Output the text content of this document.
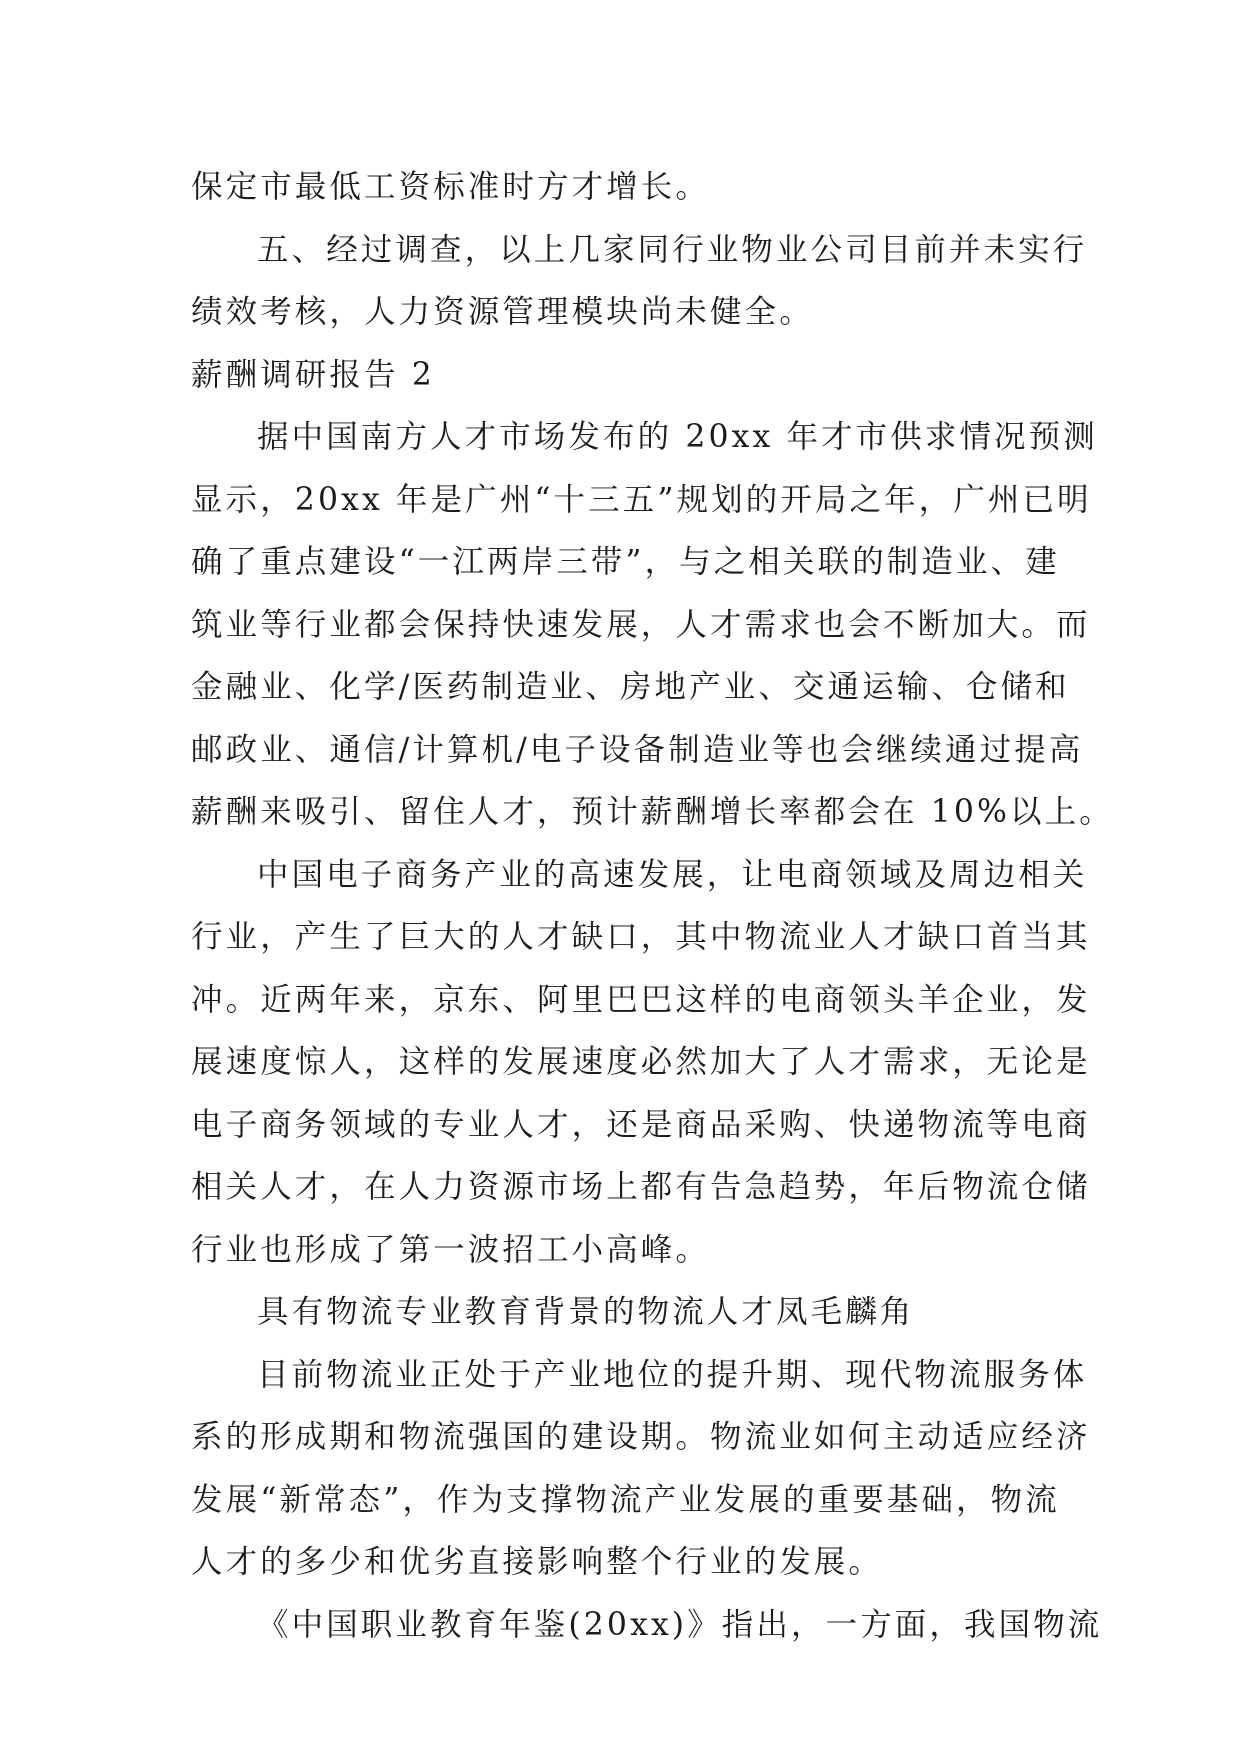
保定市最低工资标准时方才增长。
五、经过调查，以上几家同行业物业公司目前并未实行
绩效考核，人力资源管理模块尚未健全。
薪酬调研报告 2
据中国南方人才市场发布的 20xx 年才市供求情况预测
显示，20xx 年是广州“十三五”规划的开局之年，广州已明
确了重点建设“一江两岸三带”，与之相关联的制造业、建
筑业等行业都会保持快速发展，人才需求也会不断加大。而
金融业、化学/医药制造业、房地产业、交通运输、仓储和
邮政业、通信/计算机/电子设备制造业等也会继续通过提高
薪酬来吸引、留住人才，预计薪酬增长率都会在 10%以上。
中国电子商务产业的高速发展，让电商领域及周边相关
行业，产生了巨大的人才缺口，其中物流业人才缺口首当其
冲。近两年来，京东、阿里巴巴这样的电商领头羊企业，发
展速度惊人，这样的发展速度必然加大了人才需求，无论是
电子商务领域的专业人才，还是商品采购、快递物流等电商
相关人才，在人力资源市场上都有告急趋势，年后物流仓储
行业也形成了第一波招工小高峰。
具有物流专业教育背景的物流人才凤毛麟角
目前物流业正处于产业地位的提升期、现代物流服务体
系的形成期和物流强国的建设期。物流业如何主动适应经济
发展“新常态”，作为支撑物流产业发展的重要基础，物流
人才的多少和优劣直接影响整个行业的发展。
《中国职业教育年鉴(20xx)》指出，一方面，我国物流
